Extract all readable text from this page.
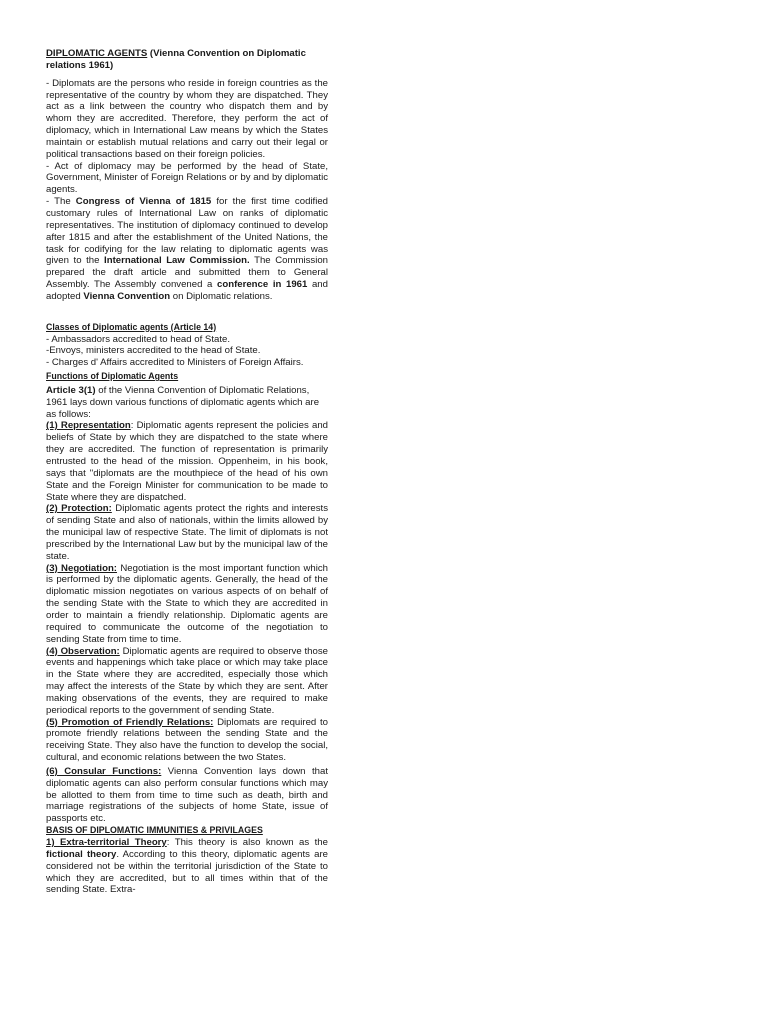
DIPLOMATIC AGENTS (Vienna Convention on Diplomatic relations 1961)

- Diplomats are the persons who reside in foreign countries as the representative of the country by whom they are dispatched. They act as a link between the country who dispatch them and by whom they are accredited. Therefore, they perform the act of diplomacy, which in International Law means by which the States maintain or establish mutual relations and carry out their legal or political transactions based on their foreign policies.

- Act of diplomacy may be performed by the head of State, Government, Minister of Foreign Relations or by and by diplomatic agents.

- The Congress of Vienna of 1815 for the first time codified customary rules of International Law on ranks of diplomatic representatives. The institution of diplomacy continued to develop after 1815 and after the establishment of the United Nations, the task for codifying for the law relating to diplomatic agents was given to the International Law Commission. The Commission prepared the draft article and submitted them to General Assembly. The Assembly convened a conference in 1961 and adopted Vienna Convention on Diplomatic relations.

Classes of Diplomatic agents (Article 14)

- Ambassadors accredited to head of State.

-Envoys, ministers accredited to the head of State.

- Charges d' Affairs accredited to Ministers of Foreign Affairs.

Functions of Diplomatic Agents

Article 3(1) of the Vienna Convention of Diplomatic Relations, 1961 lays down various functions of diplomatic agents which are as follows:

(1) Representation: Diplomatic agents represent the policies and beliefs of State by which they are dispatched to the state where they are accredited. The function of representation is primarily entrusted to the head of the mission. Oppenheim, in his book, says that "diplomats are the mouthpiece of the head of his own State and the Foreign Minister for communication to be made to State where they are dispatched.

(2) Protection: Diplomatic agents protect the rights and interests of sending State and also of nationals, within the limits allowed by the municipal law of respective State. The limit of diplomats is not prescribed by the International Law but by the municipal law of the state.

(3) Negotiation: Negotiation is the most important function which is performed by the diplomatic agents. Generally, the head of the diplomatic mission negotiates on various aspects of on behalf of the sending State with the State to which they are accredited in order to maintain a friendly relationship. Diplomatic agents are required to communicate the outcome of the negotiation to sending State from time to time.

(4) Observation: Diplomatic agents are required to observe those events and happenings which take place or which may take place in the State where they are accredited, especially those which may affect the interests of the State by which they are sent. After making observations of the events, they are required to make periodical reports to the government of sending State.

(5) Promotion of Friendly Relations: Diplomats are required to promote friendly relations between the sending State and the receiving State. They also have the function to develop the social, cultural, and economic relations between the two States.

(6) Consular Functions: Vienna Convention lays down that diplomatic agents can also perform consular functions which may be allotted to them from time to time such as death, birth and marriage registrations of the subjects of home State, issue of passports etc.

BASIS OF DIPLOMATIC IMMUNITIES & PRIVILAGES

1) Extra-territorial Theory: This theory is also known as the fictional theory. According to this theory, diplomatic agents are considered not be within the territorial jurisdiction of the State to which they are accredited, but to all times within that of the sending State. Extra-
